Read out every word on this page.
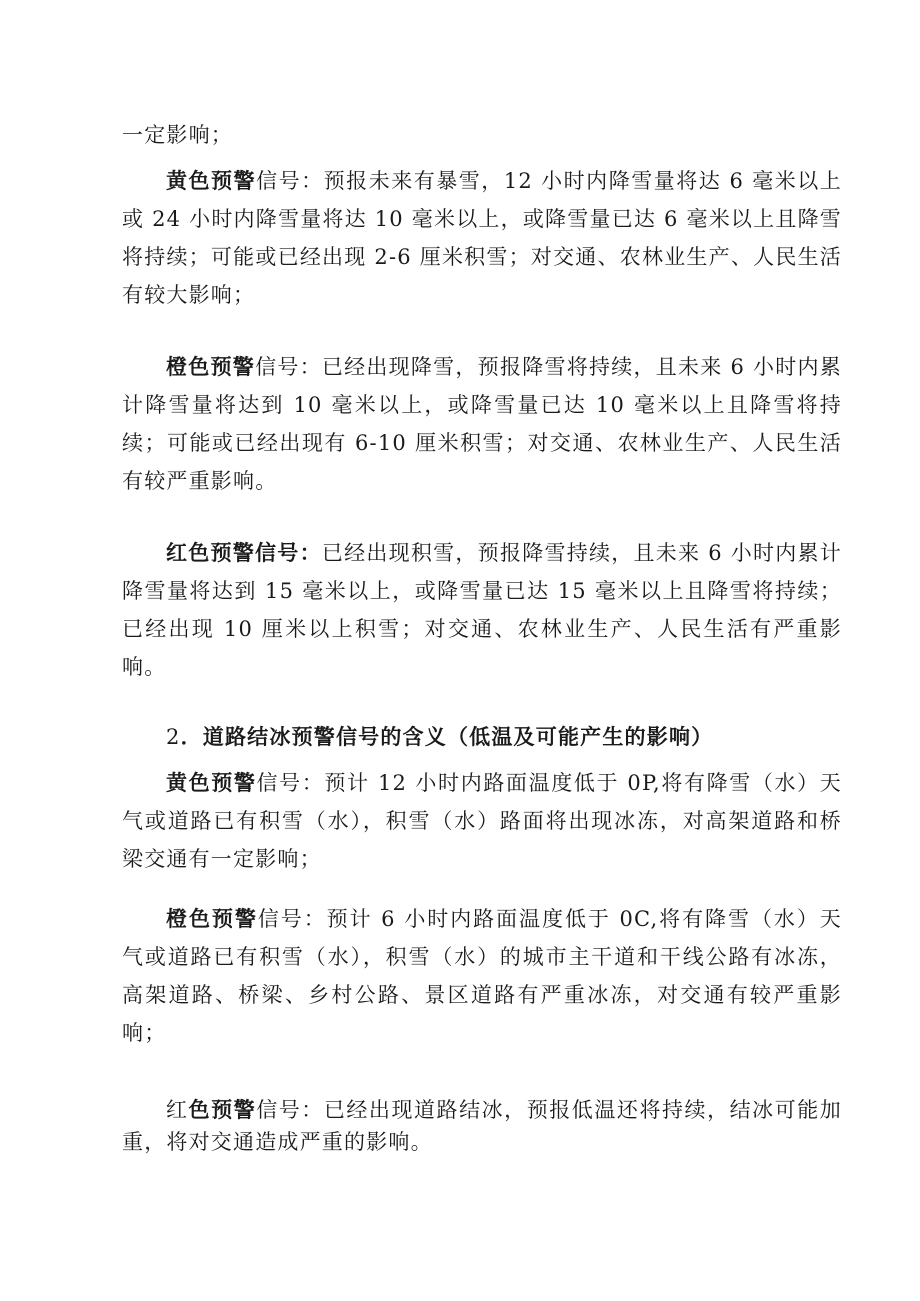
一定影响；

黄色预警信号：预报未来有暴雪，12 小时内降雪量将达 6 毫米以上或 24 小时内降雪量将达 10 毫米以上，或降雪量已达 6 毫米以上且降雪将持续；可能或已经出现 2-6 厘米积雪；对交通、农林业生产、人民生活有较大影响；

橙色预警信号：已经出现降雪，预报降雪将持续，且未来 6 小时内累计降雪量将达到 10 毫米以上，或降雪量已达 10 毫米以上且降雪将持续；可能或已经出现有 6-10 厘米积雪；对交通、农林业生产、人民生活有较严重影响。

红色预警信号：已经出现积雪，预报降雪持续，且未来 6 小时内累计降雪量将达到 15 毫米以上，或降雪量已达 15 毫米以上且降雪将持续；已经出现 10 厘米以上积雪；对交通、农林业生产、人民生活有严重影响。

2．道路结冰预警信号的含义（低温及可能产生的影响）

黄色预警信号：预计 12 小时内路面温度低于 0P,将有降雪（水）天气或道路已有积雪（水），积雪（水）路面将出现冰冻，对高架道路和桥梁交通有一定影响；

橙色预警信号：预计 6 小时内路面温度低于 0C,将有降雪（水）天气或道路已有积雪（水），积雪（水）的城市主干道和干线公路有冰冻，高架道路、桥梁、乡村公路、景区道路有严重冰冻，对交通有较严重影响；

红色预警信号：已经出现道路结冰，预报低温还将持续，结冰可能加重，将对交通造成严重的影响。
